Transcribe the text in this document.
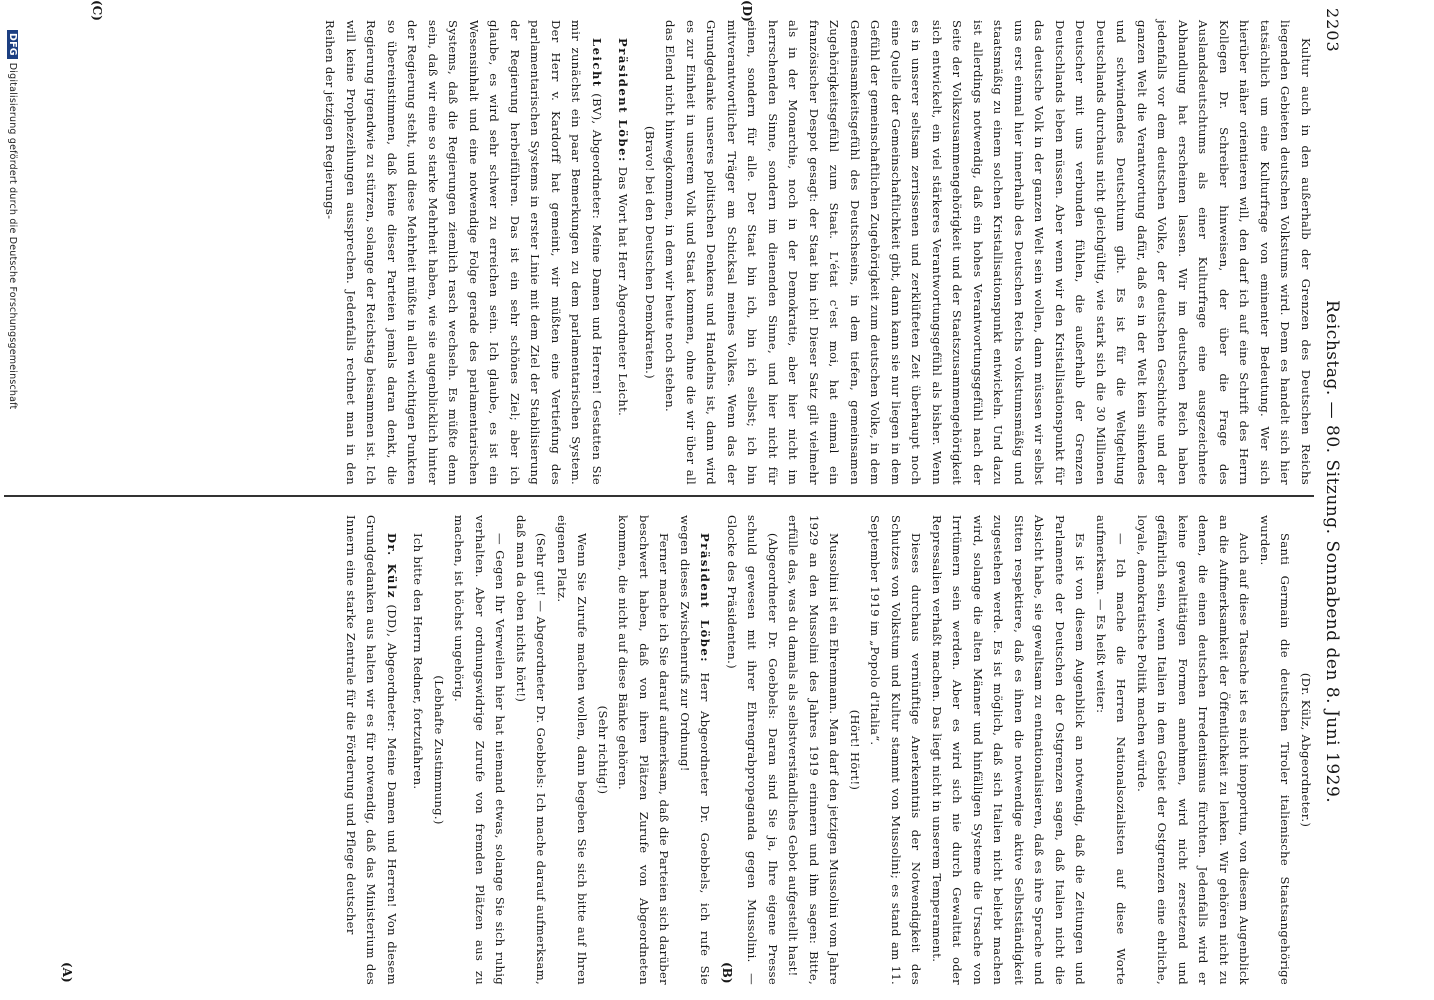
2203
Reichstag. — 80. Sitzung. Sonnabend den 8. Juni 1929.
(A)	(B)
(C)	(D)

(Dr. Külz, Abgeordneter.)

Santi Germain die deutschen Tiroler italienische Staatsangehörige wurden.

Auch auf diese Tatsache ist es nicht inopportun, von diesem Augenblick an die Aufmerksamkeit der Öffentlichkeit zu lenken. Wir gehören nicht zu denen, die einen deutschen Irredentismus fürchten. Jedenfalls wird er keine gewalttätigen Formen annehmen, wird nicht zersetzend und gefährlich sein, wenn Italien in dem Gebiet der Ostgrenzen eine ehrliche, loyale, demokratische Politik machen würde.

— Ich mache die Herren Nationalsozialisten auf diese Worte aufmerksam. — Es heißt weiter:

Es ist von diesem Augenblick an notwendig, daß die Zeitungen und Parlamente der Deutschen der Ostgrenzen sagen, daß Italien nicht die Absicht habe, sie gewaltsam zu entnationalisieren, daß es ihre Sprache und Sitten respektiere, daß es ihnen die notwendige aktive Selbstständigkeit zugestehen werde. Es ist möglich, daß sich Italien nicht beliebt machen wird, solange die alten Männer und hinfälligen Systeme die Ursache von Irrtümern sein werden. Aber es wird sich nie durch Gewalttat oder Repressalien verhaßt machen. Das liegt nicht in unserem Temperament.

Dieses durchaus vernünftige Anerkenntnis der Notwendigkeit des Schutzes von Volkstum und Kultur stammt von Mussolini; es stand am 11. September 1919 im „Popolo d'Italia“.

(Hört! Hört!)

Mussolini ist ein Ehrenmann. Man darf den jetzigen Mussolini vom Jahre 1929 an den Mussolini des Jahres 1919 erinnern und ihm sagen: Bitte, erfülle das, was du damals als selbstverständliches Gebot aufgestellt hast!

(Abgeordneter Dr. Goebbels: Daran sind Sie ja, Ihre eigene Presse schuld gewesen mit ihrer Ehrengrabpropaganda gegen Mussolini. — Glocke des Präsidenten.)

Präsident Löbe: Herr Abgeordneter Dr. Goebbels, ich rufe Sie wegen dieses Zwischenrufs zur Ordnung!

Ferner mache ich Sie darauf aufmerksam, daß die Parteien sich darüber beschwert haben, daß von ihren Plätzen Zurufe von Abgeordneten kommen, die nicht auf diese Bänke gehören.

(Sehr richtig!)

Wenn Sie Zurufe machen wollen, dann begeben Sie sich bitte auf Ihren eigenen Platz.

(Sehr gut! — Abgeordneter Dr. Goebbels: Ich mache darauf aufmerksam, daß man da oben nichts hört!)

— Gegen Ihr Verweilen hier hat niemand etwas, solange Sie sich ruhig verhalten. Aber ordnungswidrige Zurufe von fremden Plätzen aus zu machen, ist höchst ungehörig.

(Lebhafte Zustimmung.)

Ich bitte den Herrn Redner, fortzufahren.

Dr. Külz (DD), Abgeordneter: Meine Damen und Herren! Von diesem Grundgedanken aus halten wir es für notwendig, daß das Ministerium des Innern eine starke Zentrale für die Förderung und Pflege deutscher

Kultur auch in den außerhalb der Grenzen des Deutschen Reichs liegenden Gebieten deutschen Volkstums wird. Denn es handelt sich hier tatsächlich um eine Kulturfrage von eminenter Bedeutung. Wer sich hierüber näher orientieren will, den darf ich auf eine Schrift des Herrn Kollegen Dr. Schreiber hinweisen, der über die Frage des Auslandsdeutschtums als einer Kulturfrage eine ausgezeichnete Abhandlung hat erscheinen lassen. Wir im deutschen Reich haben jedenfalls vor dem deutschen Volke, der deutschen Geschichte und der ganzen Welt die Verantwortung dafür, daß es in der Welt kein sinkendes und schwindendes Deutschtum gibt. Es ist für die Weltgeltung Deutschlands durchaus nicht gleichgültig, wie stark sich die 30 Millionen Deutscher mit uns verbunden fühlen, die außerhalb der Grenzen Deutschlands leben müssen. Aber wenn wir den Kristallisationspunkt für das deutsche Volk in der ganzen Welt sein wollen, dann müssen wir selbst uns erst einmal hier innerhalb des Deutschen Reichs volkstumsmäßig und staatsmäßig zu einem solchen Kristallisationspunkt entwickeln. Und dazu ist allerdings notwendig, daß ein hohes Verantwortungsgefühl nach der Seite der Volkszusammengehörigkeit und der Staatszusammengehörigkeit sich entwickelt, ein viel stärkeres Verantwortungsgefühl als bisher. Wenn es in unserer seltsam zerrissenen und zerklüfteten Zeit überhaupt noch eine Quelle der Gemeinschaftlichkeit gibt, dann kann sie nur liegen in dem Gefühl der gemeinschaftlichen Zugehörigkeit zum deutschen Volke, in dem Gemeinsamkeitsgefühl des Deutschseins, in dem tiefen, gemeinsamen Zugehörigkeitsgefühl zum Staat. L'état c'est moi, hat einmal ein französischer Despot gesagt: der Staat bin ich! Dieser Satz gilt vielmehr als in der Monarchie, noch in der Demokratie, aber hier nicht im herrschenden Sinne, sondern im dienenden Sinne, und hier nicht für einen, sondern für alle. Der Staat bin ich, bin ich selbst; ich bin mitverantwortlicher Träger am Schicksal meines Volkes. Wenn das der Grundgedanke unseres politischen Denkens und Handelns ist, dann wird es zur Einheit in unserem Volk und Staat kommen, ohne die wir über all das Elend nicht hinwegkommen, in dem wir heute noch stehen.

(Bravo! bei den Deutschen Demokraten.)

Präsident Löbe: Das Wort hat Herr Abgeordneter Leicht.

Leicht (BV), Abgeordneter: Meine Damen und Herren! Gestatten Sie mir zunächst ein paar Bemerkungen zu dem parlamentarischen System. Der Herr v. Kardorff hat gemeint, wir müßten eine Vertiefung des parlamentarischen Systems in erster Linie mit dem Ziel der Stabilisierung der Regierung herbeiführen. Das ist ein sehr schönes Ziel; aber ich glaube, es wird sehr schwer zu erreichen sein. Ich glaube, es ist ein Wesensinhalt und eine notwendige Folge gerade des parlamentarischen Systems, daß die Regierungen ziemlich rasch wechseln. Es müßte denn sein, daß wir eine so starke Mehrheit haben, wie sie augenblicklich hinter der Regierung steht, und diese Mehrheit müßte in allen wichtigen Punkten so übereinstimmen, daß keine dieser Parteien jemals daran denkt, die Regierung irgendwie zu stürzen, solange der Reichstag beisammen ist. Ich will keine Prophezeihungen aussprechen. Jedenfalls rechnet man in den Reihen der jetzigen Regierungs-

DFGDigitalisierung gefördert durch die Deutsche Forschungsgemeinschaft
